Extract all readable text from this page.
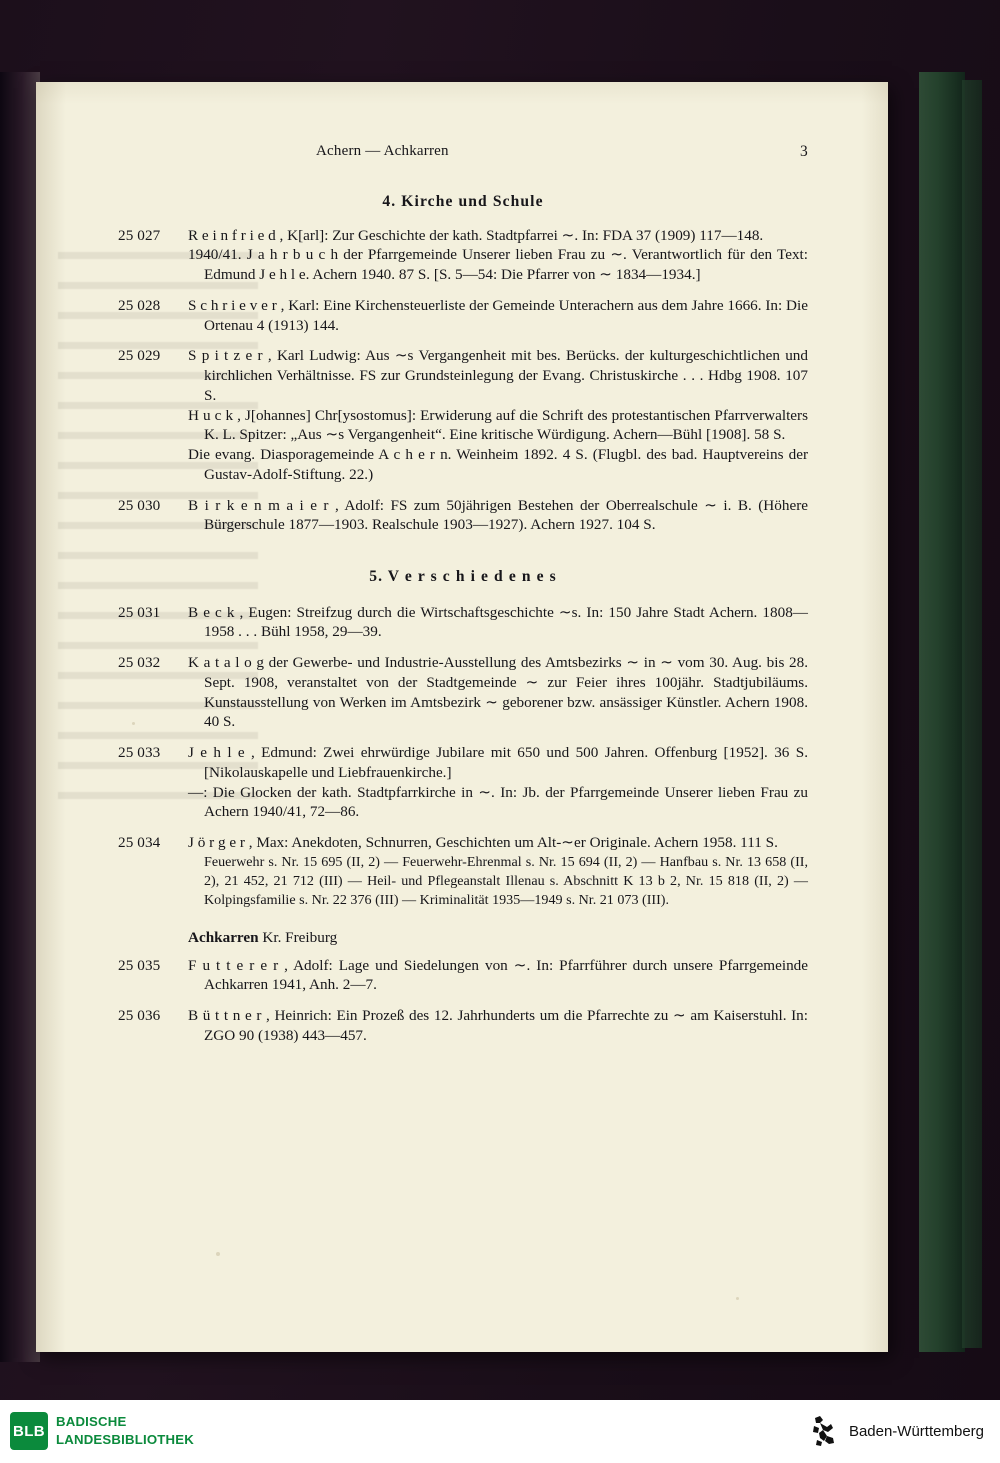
Achern — Achkarren	3
4. Kirche und Schule
25 027	R e i n f r i e d , K[arl]: Zur Geschichte der kath. Stadtpfarrei ∼. In: FDA 37 (1909) 117—148.

1940/41. J a h r b u c h der Pfarrgemeinde Unserer lieben Frau zu ∼. Verantwortlich für den Text: Edmund J e h l e. Achern 1940. 87 S. [S. 5—54: Die Pfarrer von ∼ 1834—1934.]

25 028	S c h r i e v e r , Karl: Eine Kirchensteuerliste der Gemeinde Unterachern aus dem Jahre 1666. In: Die Ortenau 4 (1913) 144.

25 029	S p i t z e r , Karl Ludwig: Aus ∼s Vergangenheit mit bes. Berücks. der kulturgeschichtlichen und kirchlichen Verhältnisse. FS zur Grundsteinlegung der Evang. Christuskirche . . . Hdbg 1908. 107 S.

H u c k , J[ohannes] Chr[ysostomus]: Erwiderung auf die Schrift des protestantischen Pfarrverwalters K. L. Spitzer: „Aus ∼s Vergangenheit“. Eine kritische Würdigung. Achern—Bühl [1908]. 58 S.

Die evang. Diasporagemeinde A c h e r n. Weinheim 1892. 4 S. (Flugbl. des bad. Hauptvereins der Gustav-Adolf-Stiftung. 22.)

25 030	B i r k e n m a i e r , Adolf: FS zum 50jährigen Bestehen der Oberrealschule ∼ i. B. (Höhere Bürgerschule 1877—1903. Realschule 1903—1927). Achern 1927. 104 S.

5. V e r s c h i e d e n e s
25 031	B e c k , Eugen: Streifzug durch die Wirtschaftsgeschichte ∼s. In: 150 Jahre Stadt Achern. 1808—1958 . . . Bühl 1958, 29—39.

25 032	K a t a l o g der Gewerbe- und Industrie-Ausstellung des Amtsbezirks ∼ in ∼ vom 30. Aug. bis 28. Sept. 1908, veranstaltet von der Stadtgemeinde ∼ zur Feier ihres 100jähr. Stadtjubiläums. Kunstausstellung von Werken im Amtsbezirk ∼ geborener bzw. ansässiger Künstler. Achern 1908. 40 S.

25 033	J e h l e , Edmund: Zwei ehrwürdige Jubilare mit 650 und 500 Jahren. Offenburg [1952]. 36 S. [Nikolauskapelle und Liebfrauenkirche.]

—: Die Glocken der kath. Stadtpfarrkirche in ∼. In: Jb. der Pfarrgemeinde Unserer lieben Frau zu Achern 1940/41, 72—86.

25 034	J ö r g e r , Max: Anekdoten, Schnurren, Geschichten um Alt-∼er Originale. Achern 1958. 111 S.

Feuerwehr s. Nr. 15 695 (II, 2) — Feuerwehr-Ehrenmal s. Nr. 15 694 (II, 2) — Hanfbau s. Nr. 13 658 (II, 2), 21 452, 21 712 (III) — Heil- und Pflegeanstalt Illenau s. Abschnitt K 13 b 2, Nr. 15 818 (II, 2) — Kolpingsfamilie s. Nr. 22 376 (III) — Kriminalität 1935—1949 s. Nr. 21 073 (III).

Achkarren Kr. Freiburg
25 035	F u t t e r e r , Adolf: Lage und Siedelungen von ∼. In: Pfarrführer durch unsere Pfarrgemeinde Achkarren 1941, Anh. 2—7.

25 036	B ü t t n e r , Heinrich: Ein Prozeß des 12. Jahrhunderts um die Pfarrechte zu ∼ am Kaiserstuhl. In: ZGO 90 (1938) 443—457.

BLB
BADISCHE
LANDESBIBLIOTHEK	Baden-Württemberg
